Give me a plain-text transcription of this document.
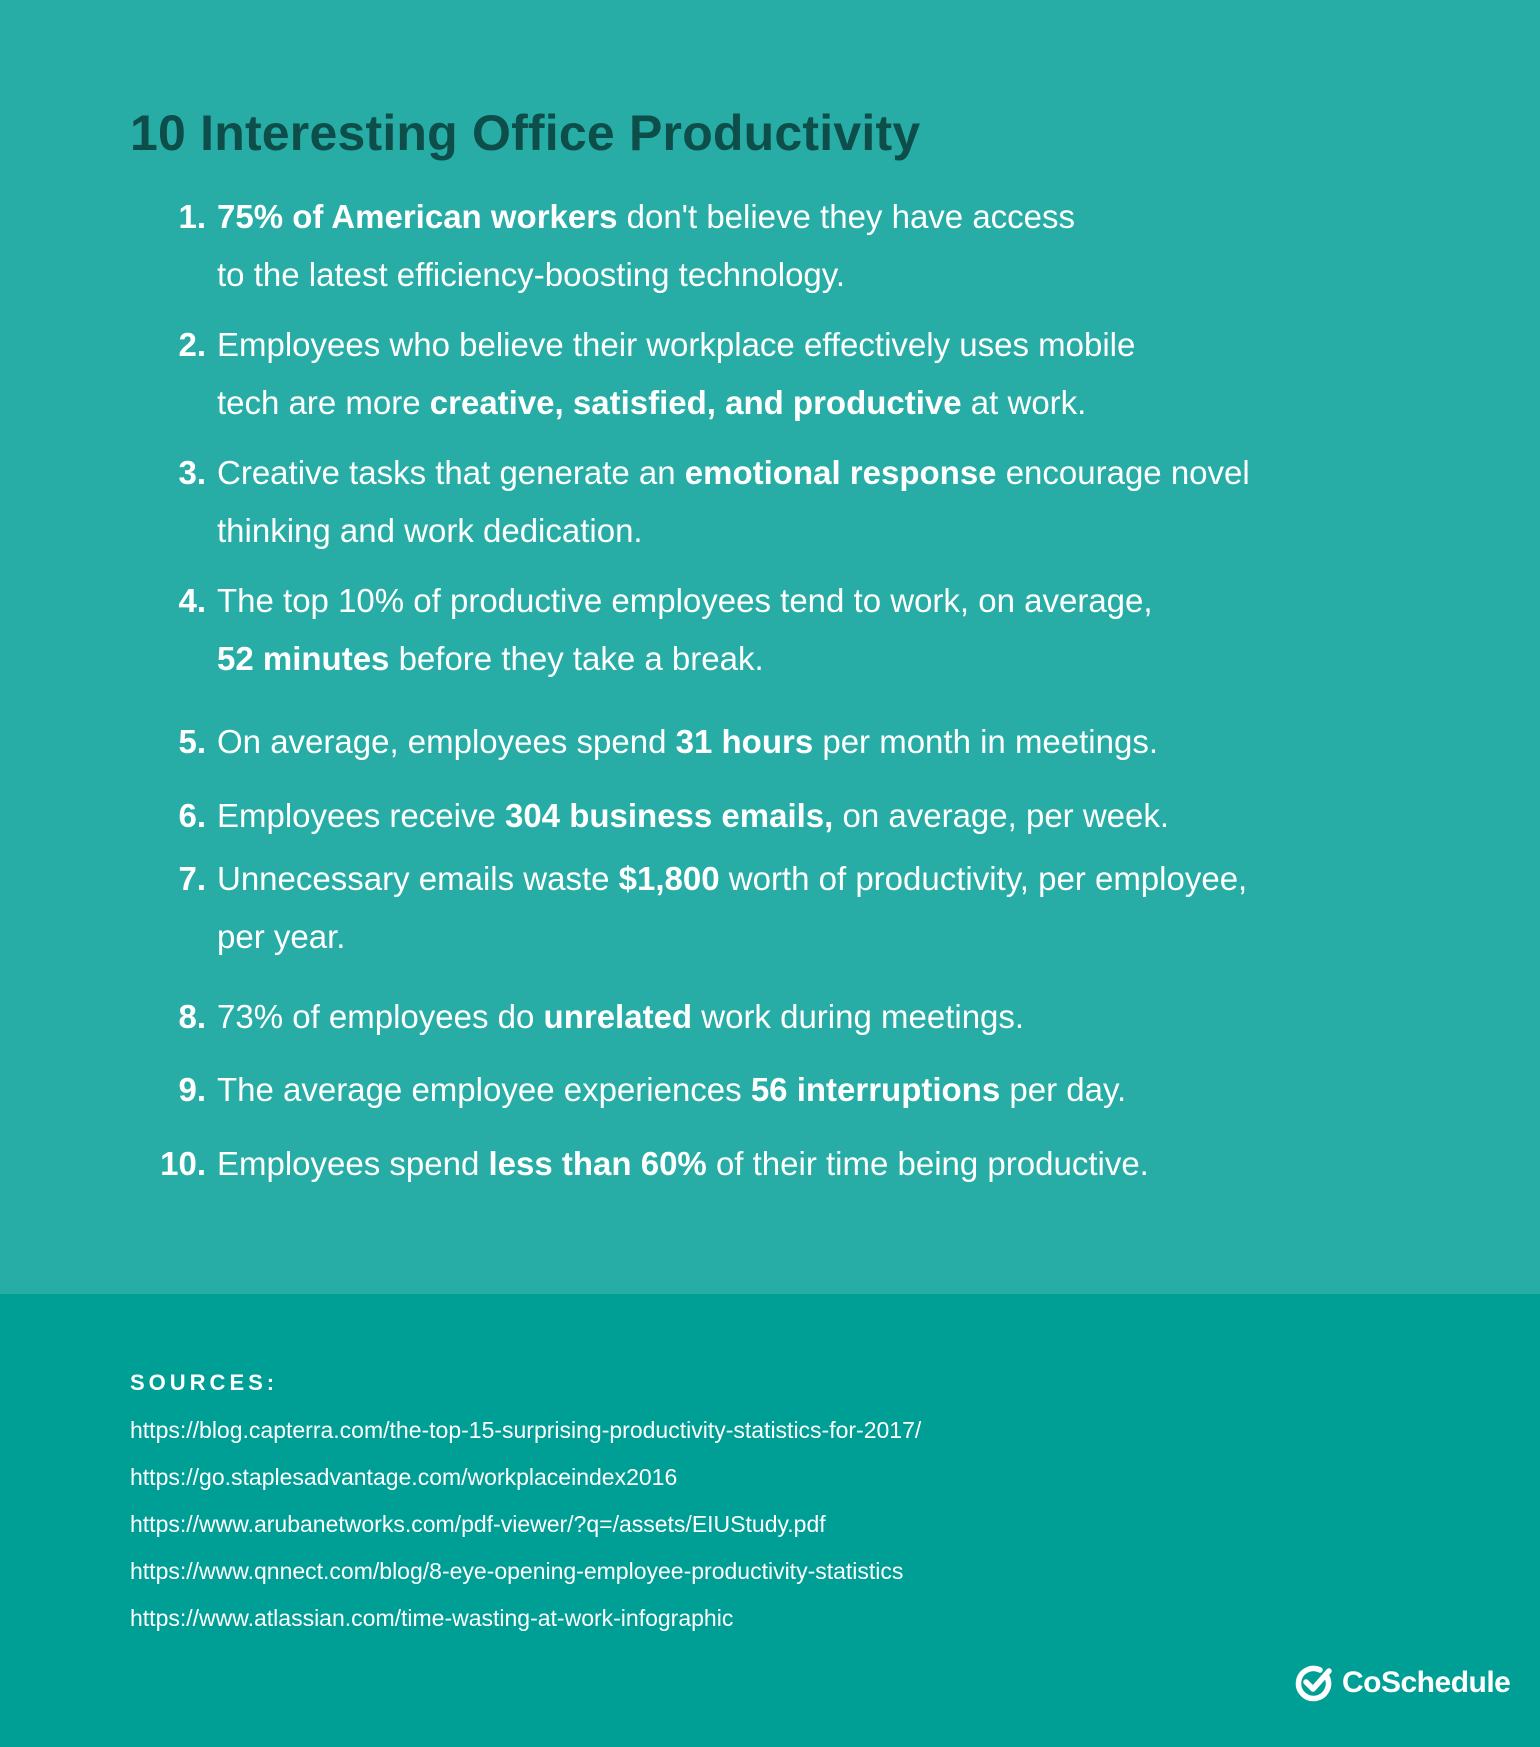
10 Interesting Office Productivity
1. 75% of American workers don't believe they have access
to the latest efficiency-boosting technology.
2. Employees who believe their workplace effectively uses mobile
tech are more creative, satisfied, and productive at work.
3. Creative tasks that generate an emotional response encourage novel
thinking and work dedication.
4. The top 10% of productive employees tend to work, on average,
52 minutes before they take a break.
5. On average, employees spend 31 hours per month in meetings.
6. Employees receive 304 business emails, on average, per week.
7. Unnecessary emails waste $1,800 worth of productivity, per employee,
per year.
8. 73% of employees do unrelated work during meetings.
9. The average employee experiences 56 interruptions per day.
10. Employees spend less than 60% of their time being productive.
SOURCES:
https://blog.capterra.com/the-top-15-surprising-productivity-statistics-for-2017/
https://go.staplesadvantage.com/workplaceindex2016
https://www.arubanetworks.com/pdf-viewer/?q=/assets/EIUStudy.pdf
https://www.qnnect.com/blog/8-eye-opening-employee-productivity-statistics
https://www.atlassian.com/time-wasting-at-work-infographic
CoSchedule
